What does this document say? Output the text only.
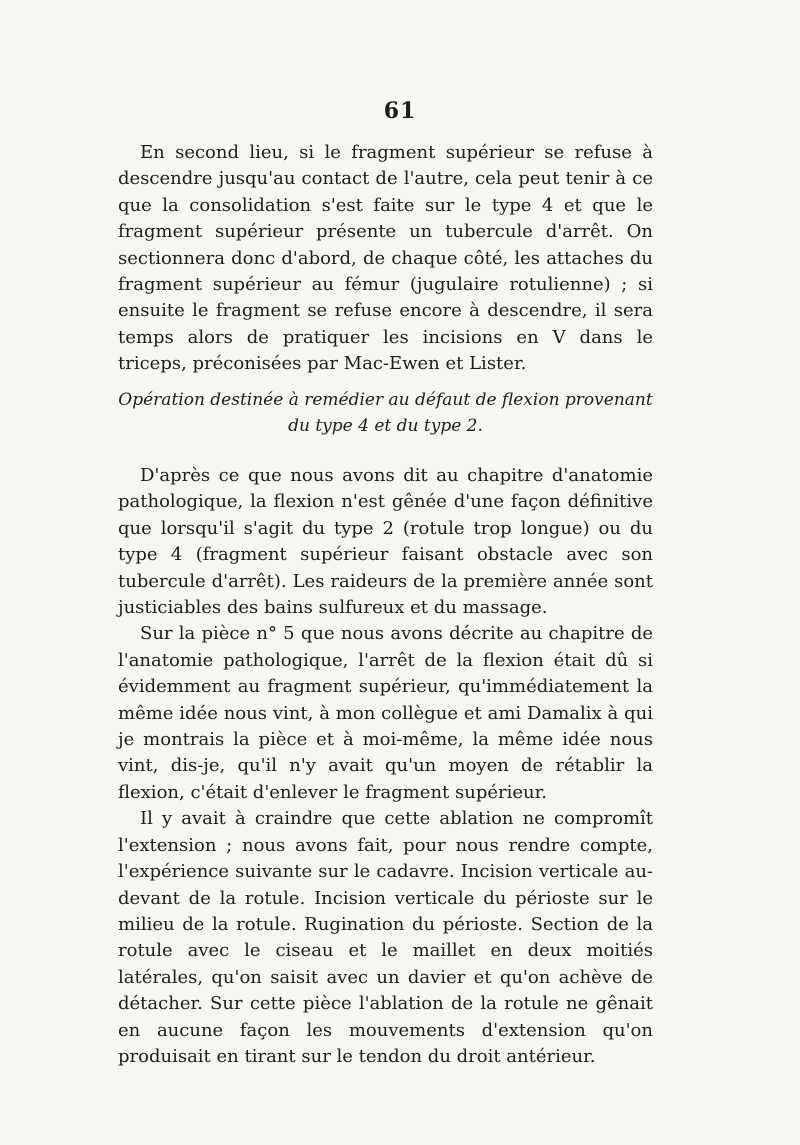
61

En second lieu, si le fragment supérieur se refuse à descendre jusqu'au contact de l'autre, cela peut tenir à ce que la consolidation s'est faite sur le type 4 et que le fragment supérieur présente un tubercule d'arrêt. On sectionnera donc d'abord, de chaque côté, les attaches du fragment supérieur au fémur (jugulaire rotulienne) ; si ensuite le fragment se refuse encore à descendre, il sera temps alors de pratiquer les incisions en V dans le triceps, préconisées par Mac-Ewen et Lister.

Opération destinée à remédier au défaut de flexion provenant
du type 4 et du type 2.

D'après ce que nous avons dit au chapitre d'anatomie pathologique, la flexion n'est gênée d'une façon définitive que lorsqu'il s'agit du type 2 (rotule trop longue) ou du type 4 (fragment supérieur faisant obstacle avec son tubercule d'arrêt). Les raideurs de la première année sont justiciables des bains sulfureux et du massage.

Sur la pièce n° 5 que nous avons décrite au chapitre de l'anatomie pathologique, l'arrêt de la flexion était dû si évidemment au fragment supérieur, qu'immédiatement la même idée nous vint, à mon collègue et ami Damalix à qui je montrais la pièce et à moi-même, la même idée nous vint, dis-je, qu'il n'y avait qu'un moyen de rétablir la flexion, c'était d'enlever le fragment supérieur.

Il y avait à craindre que cette ablation ne compromît l'extension ; nous avons fait, pour nous rendre compte, l'expérience suivante sur le cadavre. Incision verticale au-devant de la rotule. Incision verticale du périoste sur le milieu de la rotule. Rugination du périoste. Section de la rotule avec le ciseau et le maillet en deux moitiés latérales, qu'on saisit avec un davier et qu'on achève de détacher. Sur cette pièce l'ablation de la rotule ne gênait en aucune façon les mouvements d'extension qu'on produisait en tirant sur le tendon du droit antérieur.
